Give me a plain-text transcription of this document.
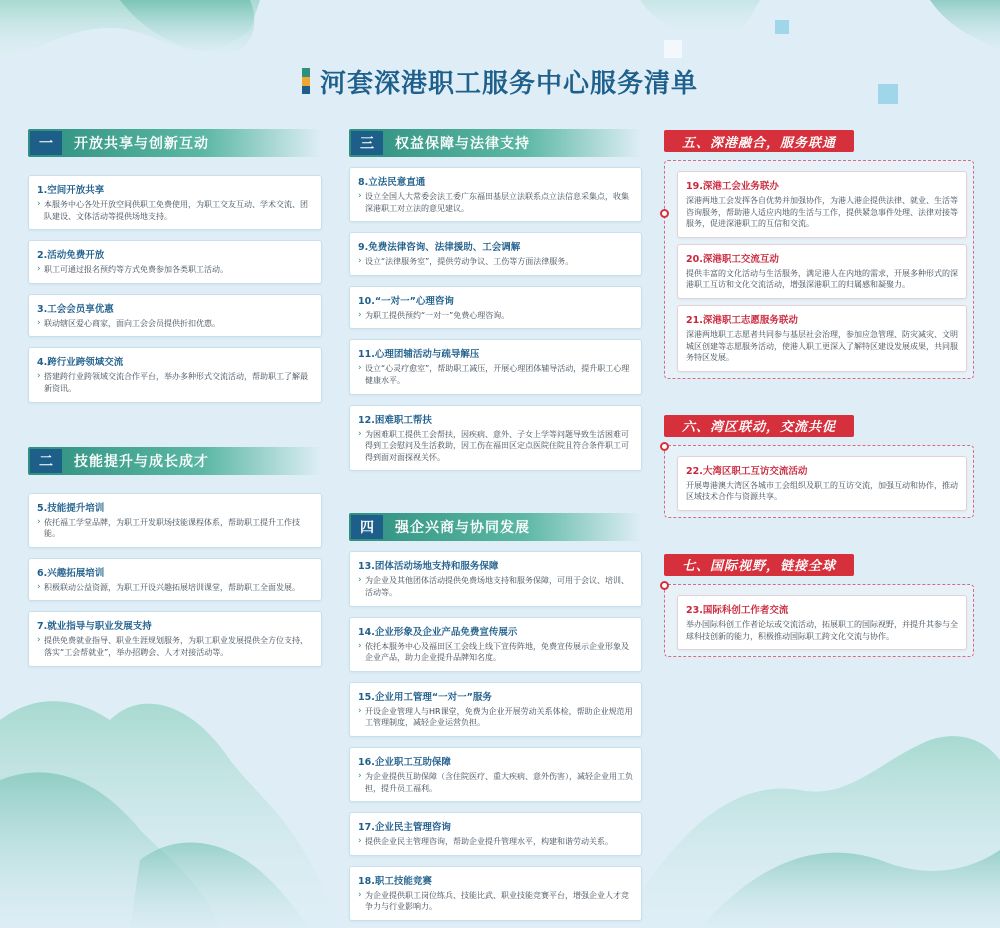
河套深港职工服务中心服务清单
一	开放共享与创新互动
1.空间开放共享
› 本服务中心各处开放空间供职工免费使用，为职工交友互动、学术交流、团队建设、文体活动等提供场地支持。
2.活动免费开放
› 职工可通过报名预约等方式免费参加各类职工活动。
3.工会会员享优惠
› 联动辖区爱心商家，面向工会会员提供折扣优惠。
4.跨行业跨领域交流
› 搭建跨行业跨领域交流合作平台，举办多种形式交流活动，帮助职工了解最新资讯。
二	技能提升与成长成才
5.技能提升培训
› 依托福工学堂品牌，为职工开发职场技能课程体系，帮助职工提升工作技能。
6.兴趣拓展培训
› 积极联动公益资源，为职工开设兴趣拓展培训课堂，帮助职工全面发展。
7.就业指导与职业发展支持
› 提供免费就业指导、职业生涯规划服务，为职工职业发展提供全方位支持，落实“工会帮就业”，举办招聘会、人才对接活动等。
三	权益保障与法律支持
8.立法民意直通
› 设立全国人大常委会法工委广东福田基层立法联系点立法信息采集点，收集深港职工对立法的意见建议。
9.免费法律咨询、法律援助、工会调解
› 设立“法律服务室”，提供劳动争议、工伤等方面法律服务。
10.“一对一”心理咨询
› 为职工提供预约“一对一”免费心理咨询。
11.心理团辅活动与疏导解压
› 设立“心灵疗愈室”，帮助职工减压，开展心理团体辅导活动，提升职工心理健康水平。
12.困难职工帮扶
› 为困难职工提供工会帮扶，因疾病、意外、子女上学等问题导致生活困难可得到工会慰问及生活救助，因工伤在福田区定点医院住院且符合条件职工可得到面对面探视关怀。
四	强企兴商与协同发展
13.团体活动场地支持和服务保障
› 为企业及其他团体活动提供免费场地支持和服务保障，可用于会议、培训、活动等。
14.企业形象及企业产品免费宣传展示
› 依托本服务中心及福田区工会线上线下宣传阵地，免费宣传展示企业形象及企业产品，助力企业提升品牌知名度。
15.企业用工管理“一对一”服务
› 开设企业管理人与HR课堂，免费为企业开展劳动关系体检，帮助企业规范用工管理制度，减轻企业运营负担。
16.企业职工互助保障
› 为企业提供互助保障（含住院医疗、重大疾病、意外伤害），减轻企业用工负担，提升员工福利。
17.企业民主管理咨询
› 提供企业民主管理咨询，帮助企业提升管理水平，构建和谐劳动关系。
18.职工技能竞赛
› 为企业提供职工岗位练兵、技能比武、职业技能竞赛平台，增强企业人才竞争力与行业影响力。
五、深港融合，服务联通
19.深港工会业务联办
深港两地工会发挥各自优势并加强协作，为港人港企提供法律、就业、生活等咨询服务，帮助港人适应内地的生活与工作，提供紧急事件处理、法律对接等服务，促进深港职工的互信和交流。
20.深港职工交流互动
提供丰富的文化活动与生活服务，满足港人在内地的需求，开展多种形式的深港职工互访和文化交流活动，增强深港职工的归属感和凝聚力。
21.深港职工志愿服务联动
深港两地职工志愿者共同参与基层社会治理，参加应急管理、防灾减灾、文明城区创建等志愿服务活动，使港人职工更深入了解特区建设发展成果，共同服务特区发展。
六、湾区联动，交流共促
22.大湾区职工互访交流活动
开展粤港澳大湾区各城市工会组织及职工的互访交流，加强互动和协作，推动区域技术合作与资源共享。
七、国际视野，链接全球
23.国际科创工作者交流
举办国际科创工作者论坛或交流活动，拓展职工的国际视野，并提升其参与全球科技创新的能力，积极推动国际职工跨文化交流与协作。
